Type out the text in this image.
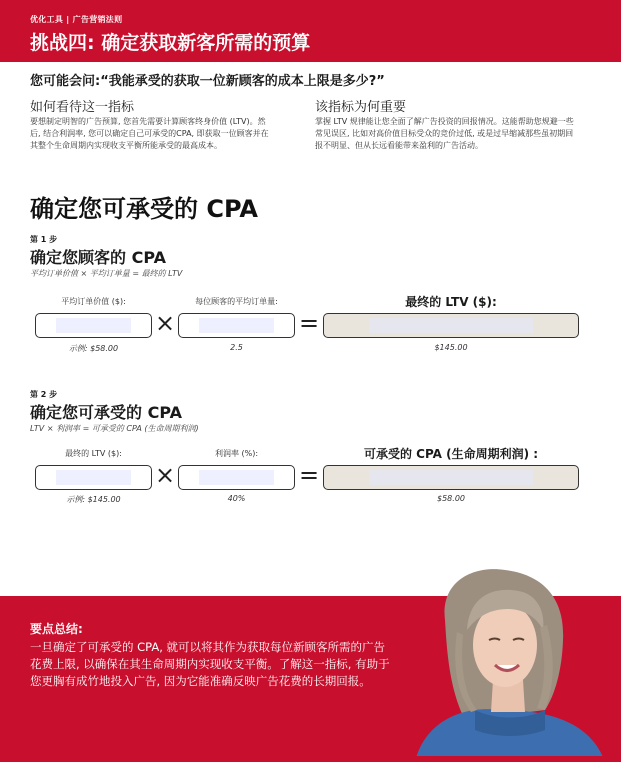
优化工具 | 广告营销法则
挑战四: 确定获取新客所需的预算
您可能会问:“我能承受的获取一位新顾客的成本上限是多少?”
如何看待这一指标
要想制定明智的广告预算, 您首先需要计算顾客终身价值 (LTV)。然后, 结合利润率, 您可以确定自己可承受的CPA, 即获取一位顾客并在其整个生命周期内实现收支平衡所能承受的最高成本。
该指标为何重要
掌握 LTV 规律能让您全面了解广告投资的回报情况。这能帮助您规避一些常见误区, 比如对高价值目标受众的竞价过低, 或是过早缩减那些虽初期回报不明显、但从长远看能带来盈利的广告活动。
确定您可承受的 CPA
第 1 步
确定您顾客的 CPA
平均订单价值 × 平均订单量 = 最终的 LTV
平均订单价值 ($):	每位顾客的平均订单量:	最终的 LTV ($):
×	=
示例: $58.00	2.5	$145.00
第 2 步
确定您可承受的 CPA
LTV × 利润率 = 可承受的 CPA (生命周期利润)
最终的 LTV ($):	利润率 (%):	可承受的 CPA (生命周期利润) :
×	=
示例: $145.00	40%	$58.00
要点总结:
一旦确定了可承受的 CPA, 就可以将其作为获取每位新顾客所需的广告花费上限, 以确保在其生命周期内实现收支平衡。了解这一指标, 有助于您更胸有成竹地投入广告, 因为它能准确反映广告花费的长期回报。
